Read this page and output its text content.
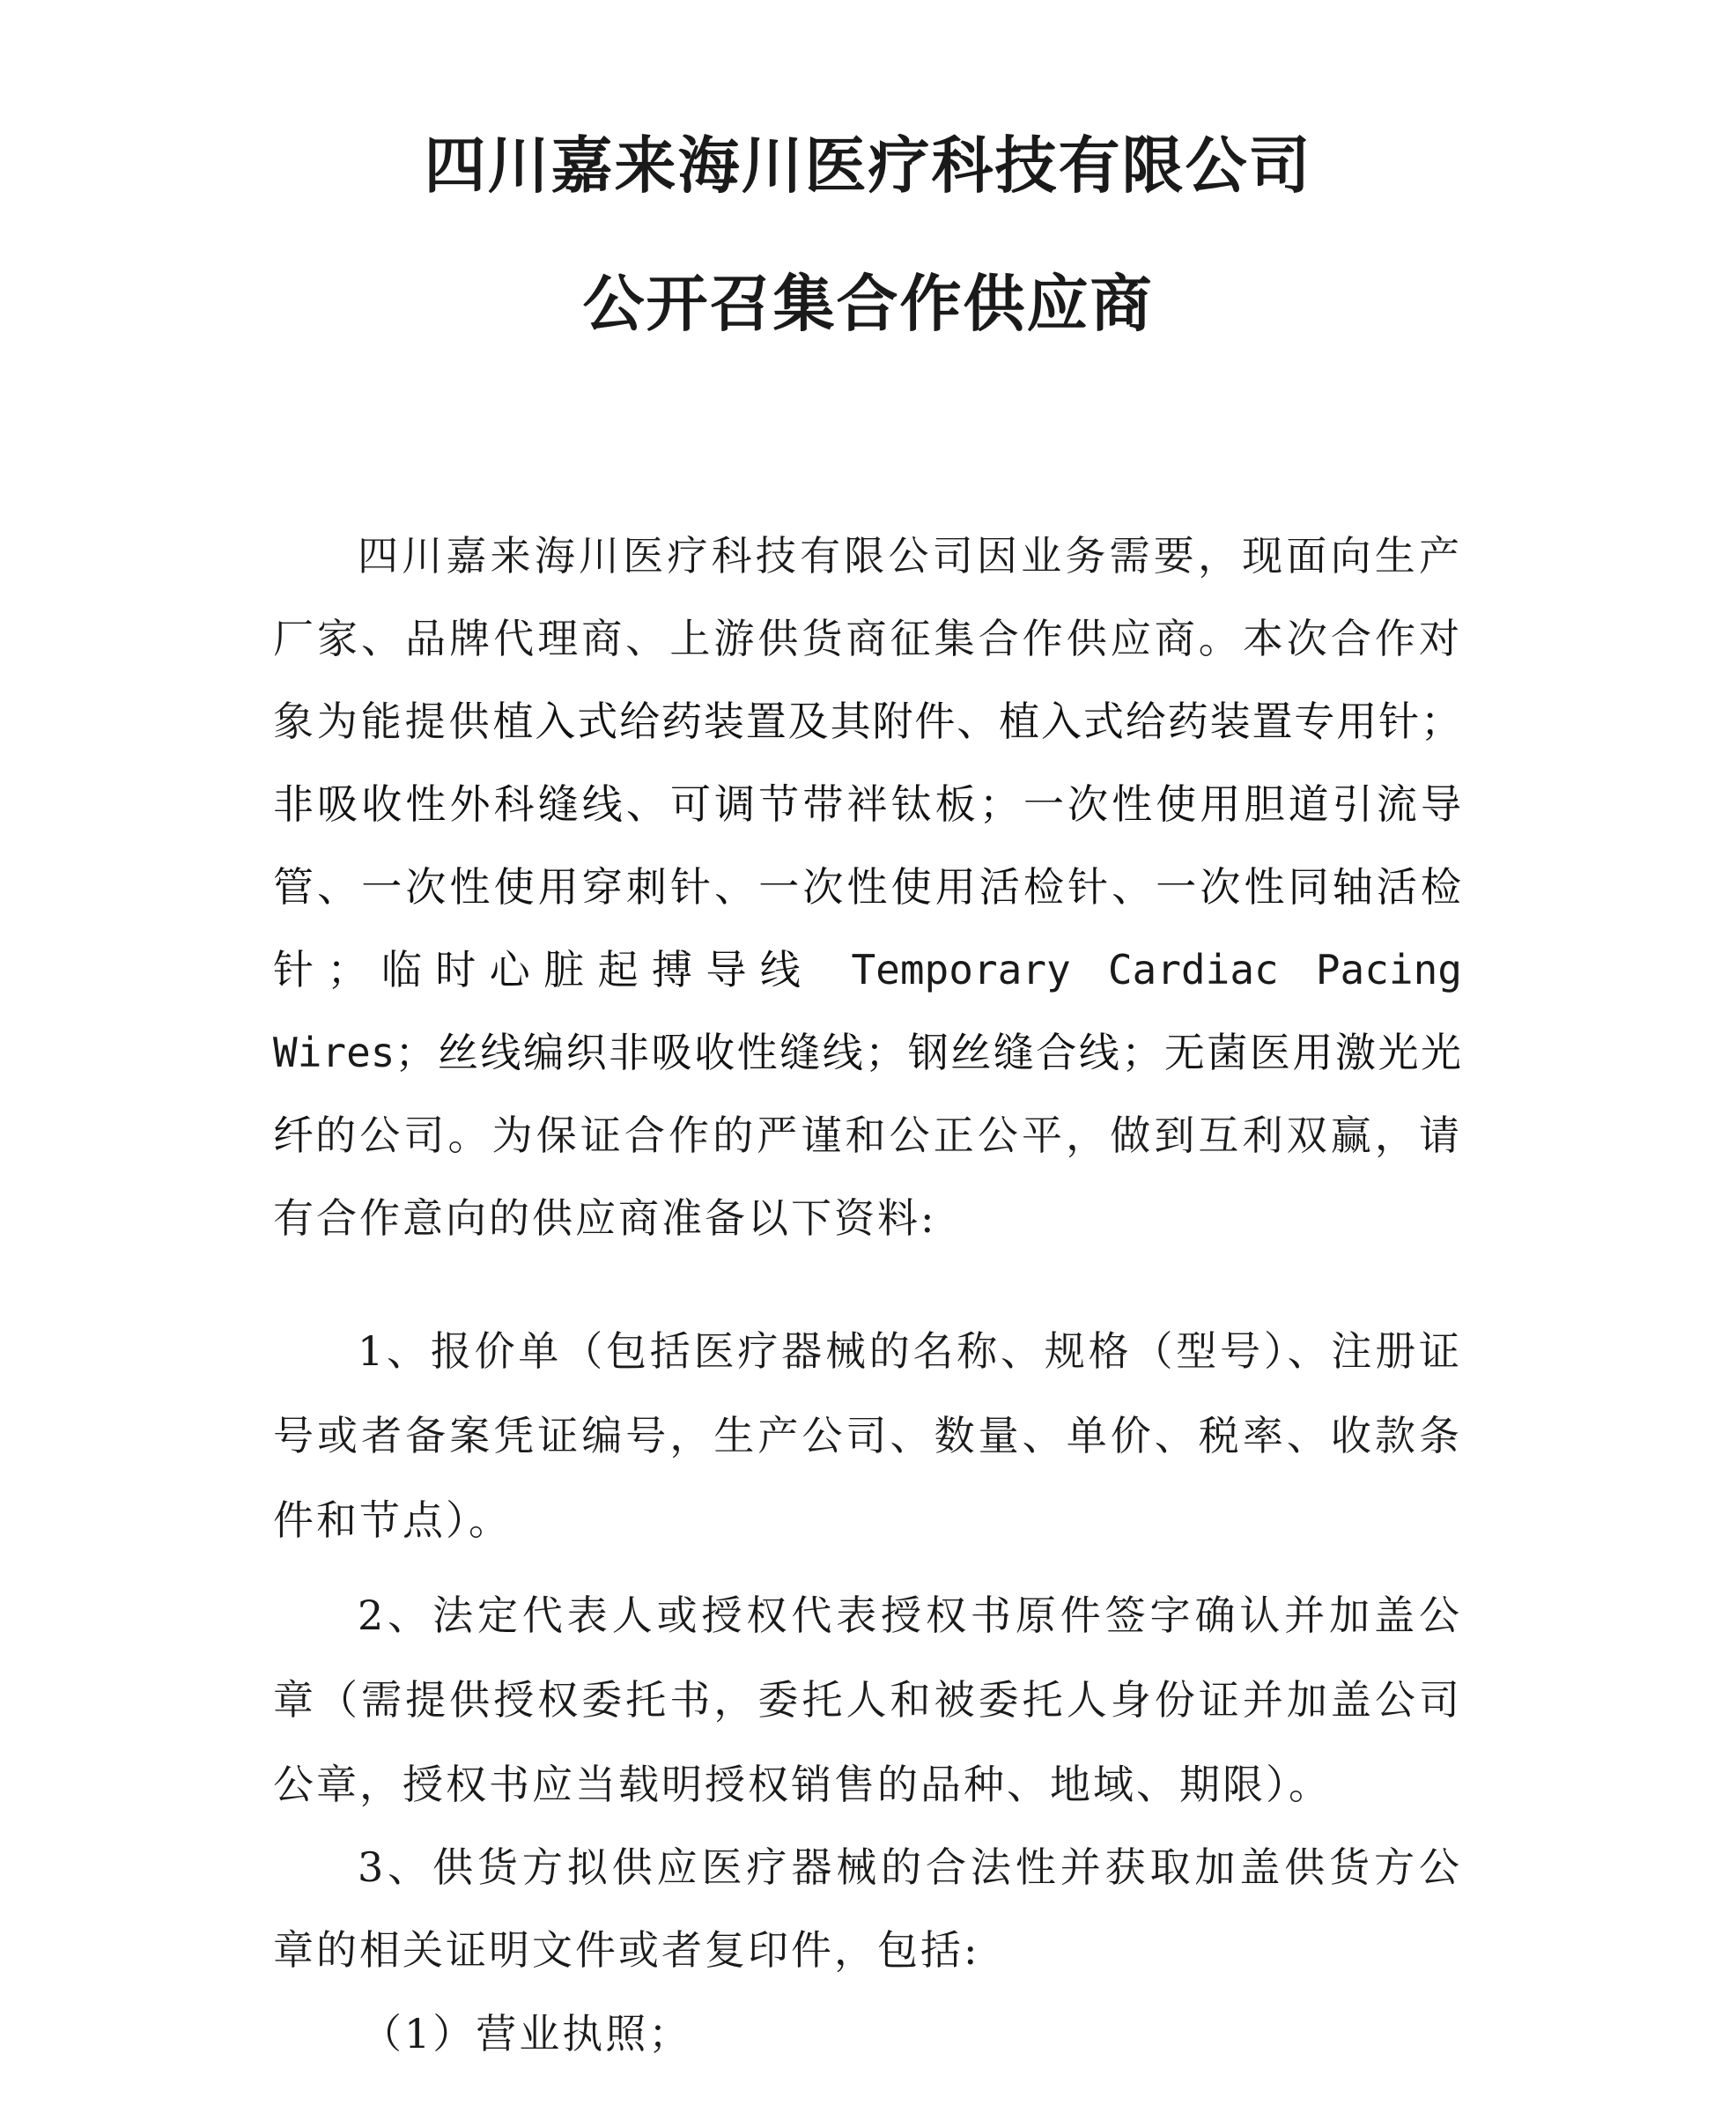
四川嘉来海川医疗科技有限公司
公开召集合作供应商

四川嘉来海川医疗科技有限公司因业务需要，现面向生产厂家、品牌代理商、上游供货商征集合作供应商。本次合作对象为能提供植入式给药装置及其附件、植入式给药装置专用针；非吸收性外科缝线、可调节带袢钛板；一次性使用胆道引流导管、一次性使用穿刺针、一次性使用活检针、一次性同轴活检针；临时心脏起搏导线 Temporary Cardiac Pacing Wires；丝线编织非吸收性缝线；钢丝缝合线；无菌医用激光光纤的公司。为保证合作的严谨和公正公平，做到互利双赢，请有合作意向的供应商准备以下资料:

1、报价单（包括医疗器械的名称、规格（型号）、注册证号或者备案凭证编号，生产公司、数量、单价、税率、收款条件和节点）。

2、法定代表人或授权代表授权书原件签字确认并加盖公章（需提供授权委托书，委托人和被委托人身份证并加盖公司公章，授权书应当载明授权销售的品种、地域、期限）。

3、供货方拟供应医疗器械的合法性并获取加盖供货方公章的相关证明文件或者复印件，包括:

（1）营业执照；
